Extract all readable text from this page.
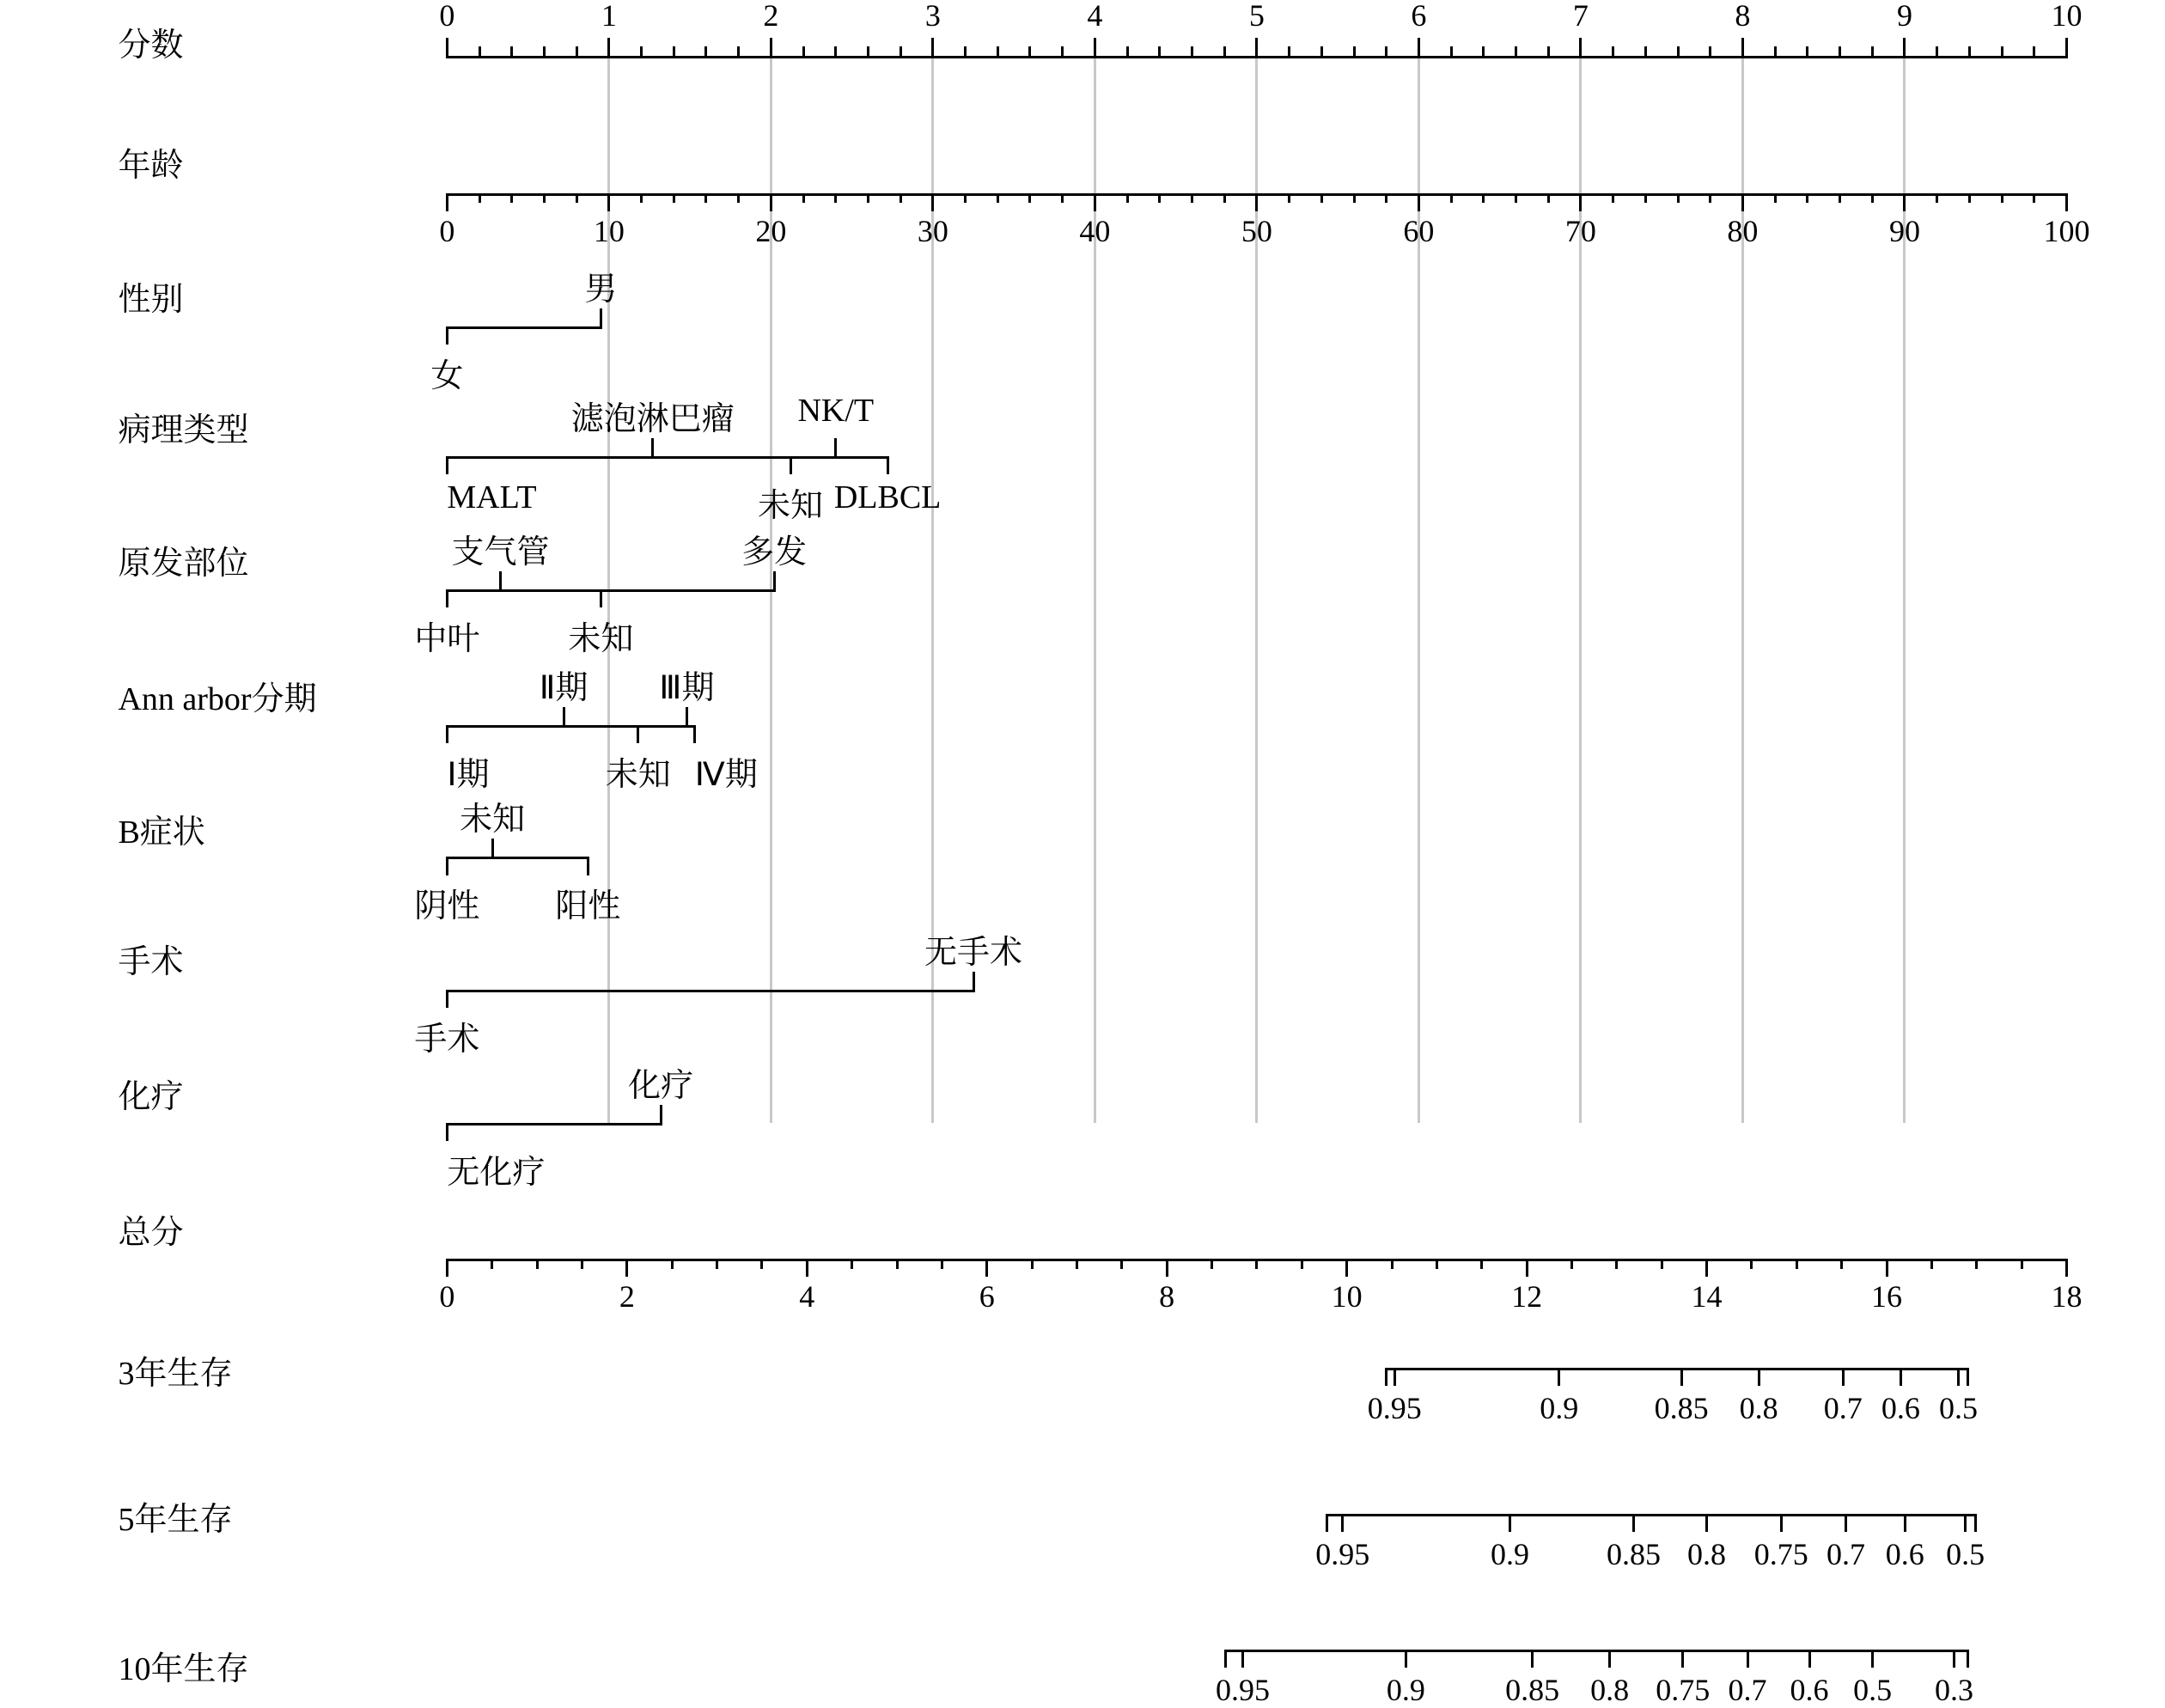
分数
年龄
性别
病理类型
原发部位
Ann arbor分期
B症状
手术
化疗
总分
3年生存
5年生存
10年生存
0	1	2	3	4	5	6	7	8	9	10
0	10	20	30	40	50	60	70	80	90	100
女
男
MALT
滤泡淋巴瘤
未知
NK/T
DLBCL
中叶
支气管
未知
多发
Ⅰ期
Ⅱ期
未知
Ⅲ期
Ⅳ期
阴性
未知
阳性
手术
无手术
无化疗
化疗
0	2	4	6	8	10	12	14	16	18
0.95	0.9 0.85 0.8 0.7 0.6 0.5
0.95	0.9	0.85 0.8 0.75 0.7 0.6 0.5
0.95	0.9	0.85 0.8 0.75 0.7 0.6 0.5 0.3
